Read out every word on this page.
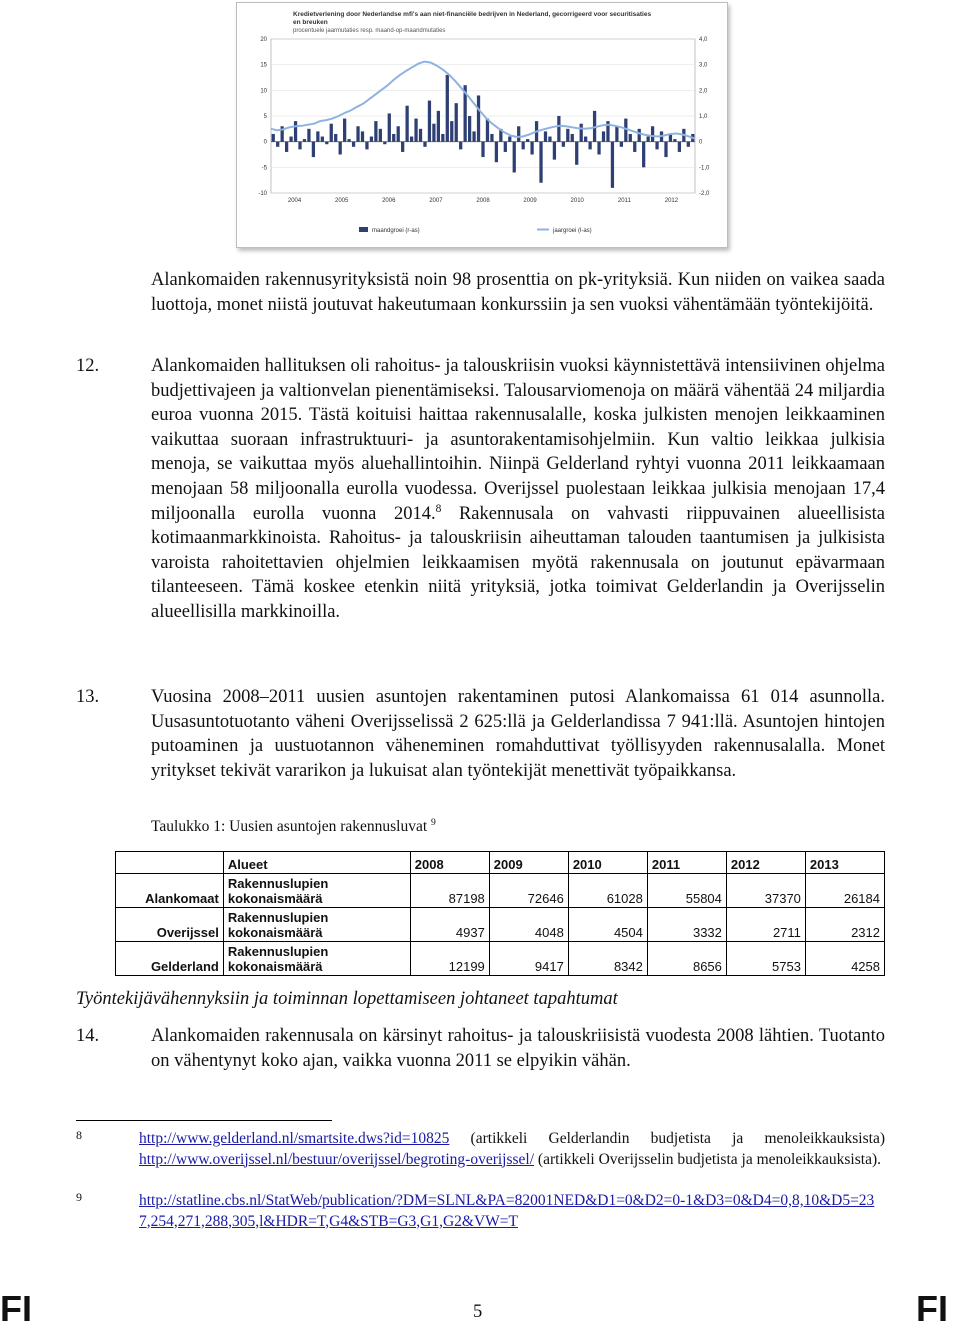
Kredietverlening door Nederlandse mfi's aan niet-financiële bedrijven in Nederland, gecorrigeerd voor securitisaties
en breuken
procentuele jaarmutaties resp. maand-op-maandmutaties
20
15
10
5
0
-5
-10
4,0
3,0
2,0
1,0
0
-1,0
-2,0
2004	2005	2006	2007	2008	2009	2010	2011	2012
maandgroei (r-as)	jaargroei (l-as)
Alankomaiden rakennusyrityksistä noin 98 prosenttia on pk-yrityksiä. Kun niiden on vaikea saada luottoja, monet niistä joutuvat hakeutumaan konkurssiin ja sen vuoksi vähentämään työntekijöitä.
12.	Alankomaiden hallituksen oli rahoitus- ja talouskriisin vuoksi käynnistettävä intensiivinen ohjelma budjettivajeen ja valtionvelan pienentämiseksi. Talousarviomenoja on määrä vähentää 24 miljardia euroa vuonna 2015. Tästä koituisi haittaa rakennusalalle, koska julkisten menojen leikkaaminen vaikuttaa suoraan infrastruktuuri- ja asuntorakentamisohjelmiin. Kun valtio leikkaa julkisia menoja, se vaikuttaa myös aluehallintoihin. Niinpä Gelderland ryhtyi vuonna 2011 leikkaamaan menojaan 58 miljoonalla eurolla vuodessa. Overijssel puolestaan leikkaa julkisia menojaan 17,4 miljoonalla eurolla vuonna 2014.$^8$ Rakennusala on vahvasti riippuvainen alueellisista kotimaanmarkkinoista. Rahoitus- ja talouskriisin aiheuttaman talouden taantumisen ja julkisista varoista rahoitettavien ohjelmien leikkaamisen myötä rakennusala on joutunut epävarmaan tilanteeseen. Tämä koskee etenkin niitä yrityksiä, jotka toimivat Gelderlandin ja Overijsselin alueellisilla markkinoilla.
13.	Vuosina 2008–2011 uusien asuntojen rakentaminen putosi Alankomaissa 61 014 asunnolla. Uusasuntotuotanto väheni Overijsselissä 2 625:llä ja Gelderlandissa 7 941:llä. Asuntojen hintojen putoaminen ja uustuotannon väheneminen romahduttivat työllisyyden rakennusalalla. Monet yritykset tekivät vararikon ja lukuisat alan työntekijät menettivät työpaikkansa.
Taulukko 1: Uusien asuntojen rakennusluvat $^9$
	Alueet	2008	2009	2010	2011	2012	2013
Alankomaat	Rakennuslupien
kokonaismäärä	87198	72646	61028	55804	37370	26184
Overijssel	Rakennuslupien
kokonaismäärä	4937	4048	4504	3332	2711	2312
Gelderland	Rakennuslupien
kokonaismäärä	12199	9417	8342	8656	5753	4258
Työntekijävähennyksiin ja toiminnan lopettamiseen johtaneet tapahtumat
14.	Alankomaiden rakennusala on kärsinyt rahoitus- ja talouskriisistä vuodesta 2008 lähtien. Tuotanto on vähentynyt koko ajan, vaikka vuonna 2011 se elpyikin vähän.
8	http://www.gelderland.nl/smartsite.dws?id=10825 (artikkeli Gelderlandin budjetista ja menoleikkauksista) http://www.overijssel.nl/bestuur/overijssel/begroting-overijssel/ (artikkeli Overijsselin budjetista ja menoleikkauksista).
9	http://statline.cbs.nl/StatWeb/publication/?DM=SLNL&PA=82001NED&D1=0&D2=0-1&D3=0&D4=0,8,10&D5=237,254,271,288,305,l&HDR=T,G4&STB=G3,G1,G2&VW=T
FI	5	FI
